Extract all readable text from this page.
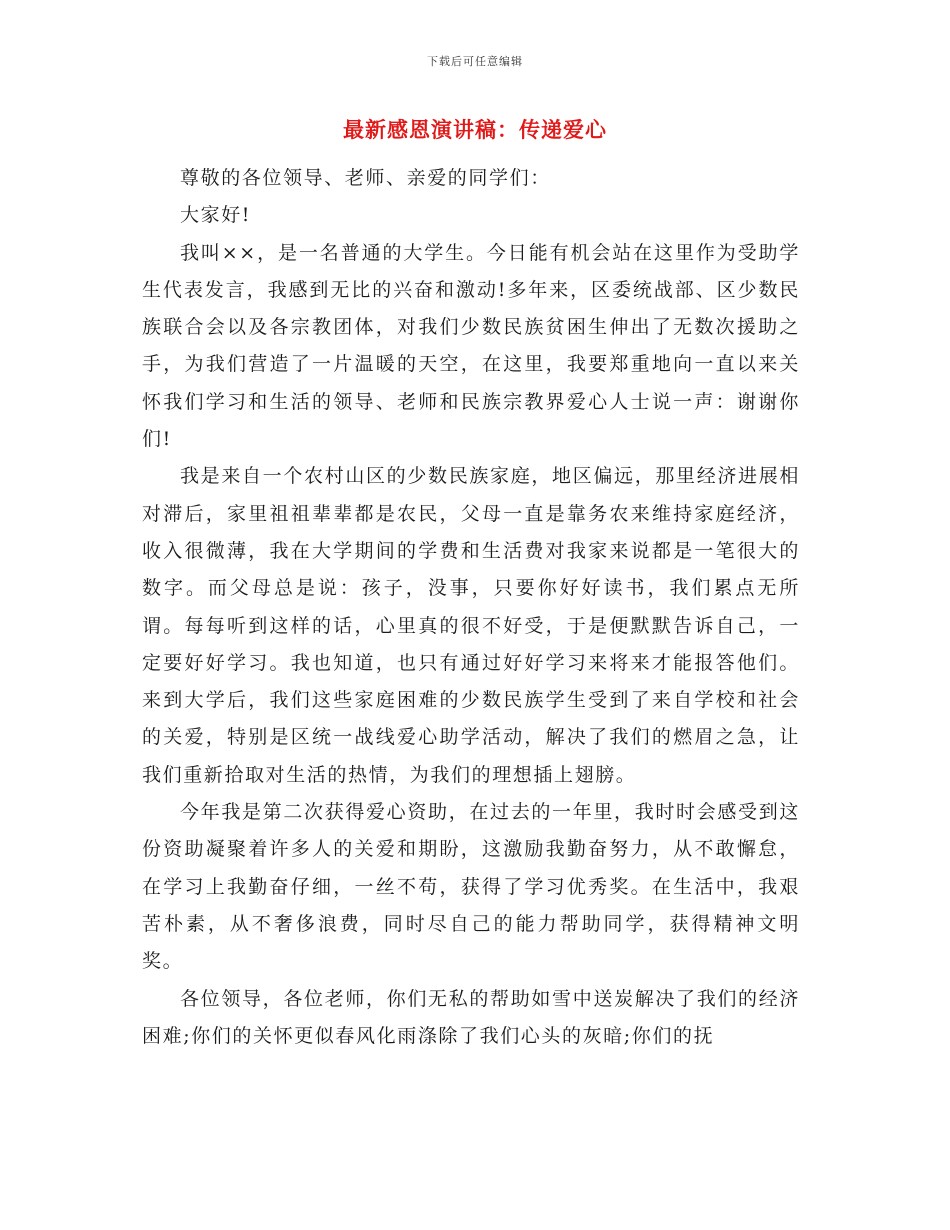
下载后可任意编辑
最新感恩演讲稿：传递爱心

尊敬的各位领导、老师、亲爱的同学们：

大家好!

我叫××，是一名普通的大学生。今日能有机会站在这里作为受助学生代表发言，我感到无比的兴奋和激动!多年来，区委统战部、区少数民族联合会以及各宗教团体，对我们少数民族贫困生伸出了无数次援助之手，为我们营造了一片温暖的天空，在这里，我要郑重地向一直以来关怀我们学习和生活的领导、老师和民族宗教界爱心人士说一声：谢谢你们!

我是来自一个农村山区的少数民族家庭，地区偏远，那里经济进展相对滞后，家里祖祖辈辈都是农民，父母一直是靠务农来维持家庭经济，收入很微薄，我在大学期间的学费和生活费对我家来说都是一笔很大的数字。而父母总是说：孩子，没事，只要你好好读书，我们累点无所谓。每每听到这样的话，心里真的很不好受，于是便默默告诉自己，一定要好好学习。我也知道，也只有通过好好学习来将来才能报答他们。来到大学后，我们这些家庭困难的少数民族学生受到了来自学校和社会的关爱，特别是区统一战线爱心助学活动，解决了我们的燃眉之急，让我们重新拾取对生活的热情，为我们的理想插上翅膀。

今年我是第二次获得爱心资助，在过去的一年里，我时时会感受到这份资助凝聚着许多人的关爱和期盼，这激励我勤奋努力，从不敢懈怠，在学习上我勤奋仔细，一丝不苟，获得了学习优秀奖。在生活中，我艰苦朴素，从不奢侈浪费，同时尽自己的能力帮助同学，获得精神文明奖。

各位领导，各位老师，你们无私的帮助如雪中送炭解决了我们的经济困难;你们的关怀更似春风化雨涤除了我们心头的灰暗;你们的抚
